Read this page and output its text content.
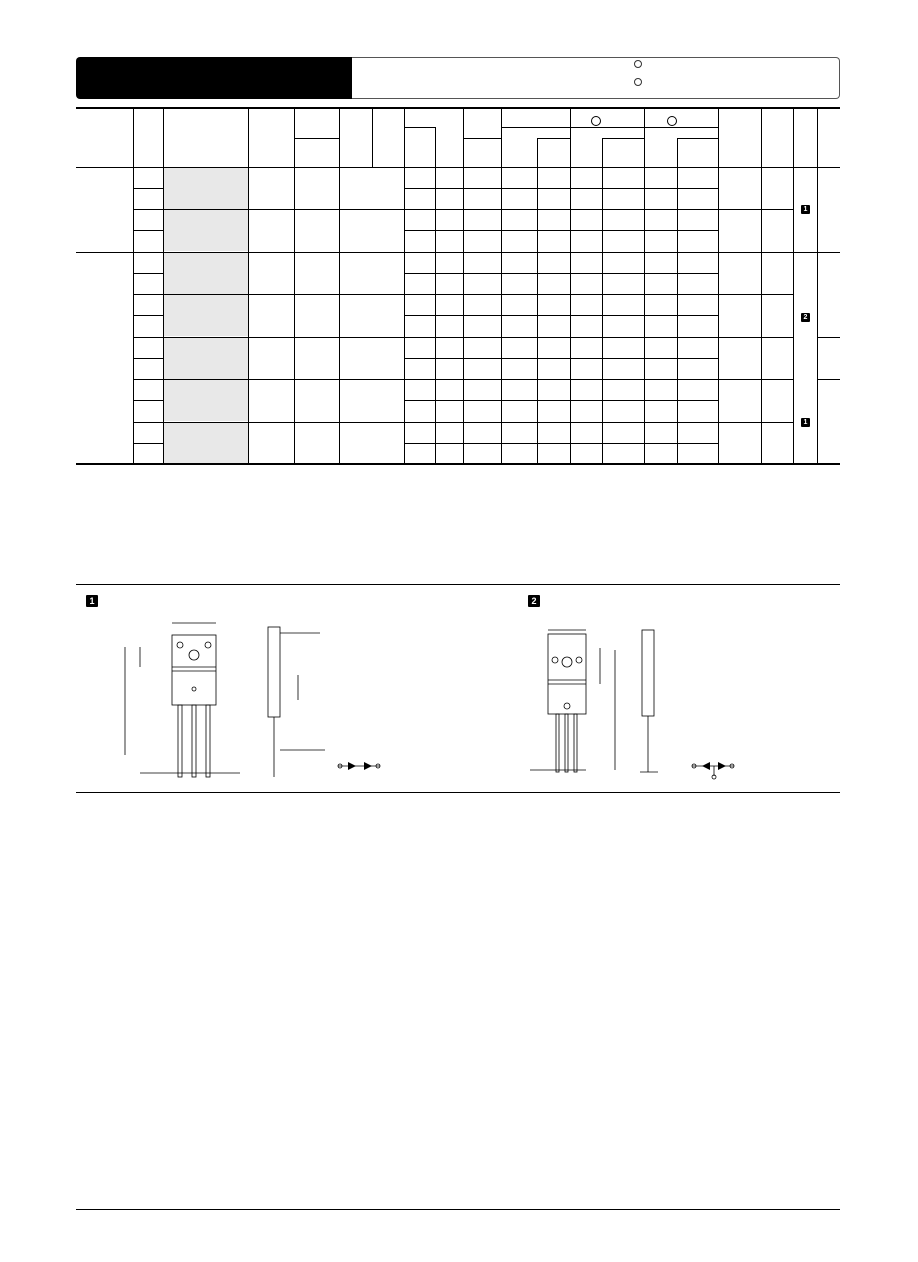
1
2
1
1	2
